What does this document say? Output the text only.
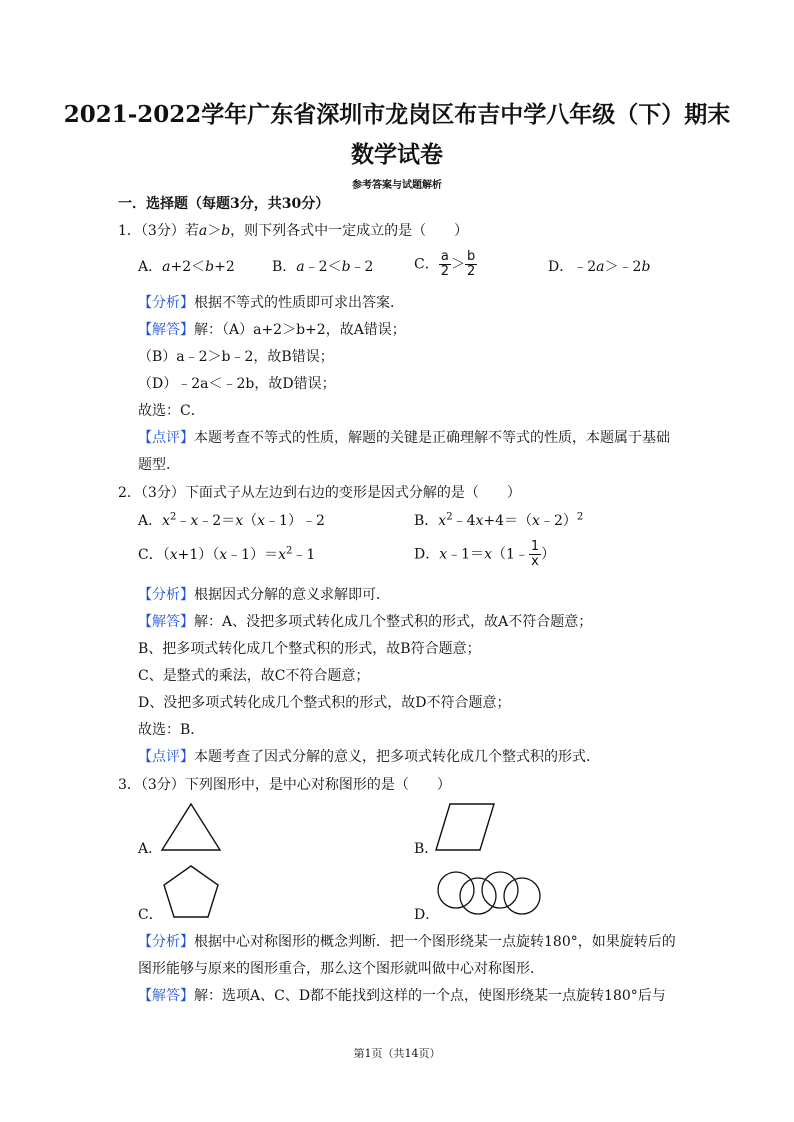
2021-2022学年广东省深圳市龙岗区布吉中学八年级（下）期末
数学试卷
参考答案与试题解析
一．选择题（每题3分，共30分）
1．（3分）若a＞b，则下列各式中一定成立的是（　　）
A．a+2＜b+2	B．a﹣2＜b﹣2	C． $\frac{a}{2} > \frac{b}{2}$	D．﹣2a＞﹣2b
【分析】根据不等式的性质即可求出答案．
【解答】解：（A）a+2＞b+2，故A错误；
（B）a﹣2＞b﹣2，故B错误；
（D）﹣2a＜﹣2b，故D错误；
故选：C．
【点评】本题考查不等式的性质，解题的关键是正确理解不等式的性质，本题属于基础
题型．
2．（3分）下面式子从左边到右边的变形是因式分解的是（　　）
A．$x^2﹣x﹣2=x(x﹣1)﹣2$	B．$x^2﹣4x+4=(x﹣2)^2$
C．$(x+1)(x﹣1)=x^2﹣1$	D．x﹣1＝x（1﹣ $\frac{1}{x}$ ）
【分析】根据因式分解的意义求解即可．
【解答】解：A、没把多项式转化成几个整式积的形式，故A不符合题意；
B、把多项式转化成几个整式积的形式，故B符合题意；
C、是整式的乘法，故C不符合题意；
D、没把多项式转化成几个整式积的形式，故D不符合题意；
故选：B．
【点评】本题考查了因式分解的意义，把多项式转化成几个整式积的形式．
3．（3分）下列图形中，是中心对称图形的是（　　）
A．	B．
C．	D．
【分析】根据中心对称图形的概念判断．把一个图形绕某一点旋转180°，如果旋转后的
图形能够与原来的图形重合，那么这个图形就叫做中心对称图形．
【解答】解：选项A、C、D都不能找到这样的一个点，使图形绕某一点旋转180°后与
第1页（共14页）
